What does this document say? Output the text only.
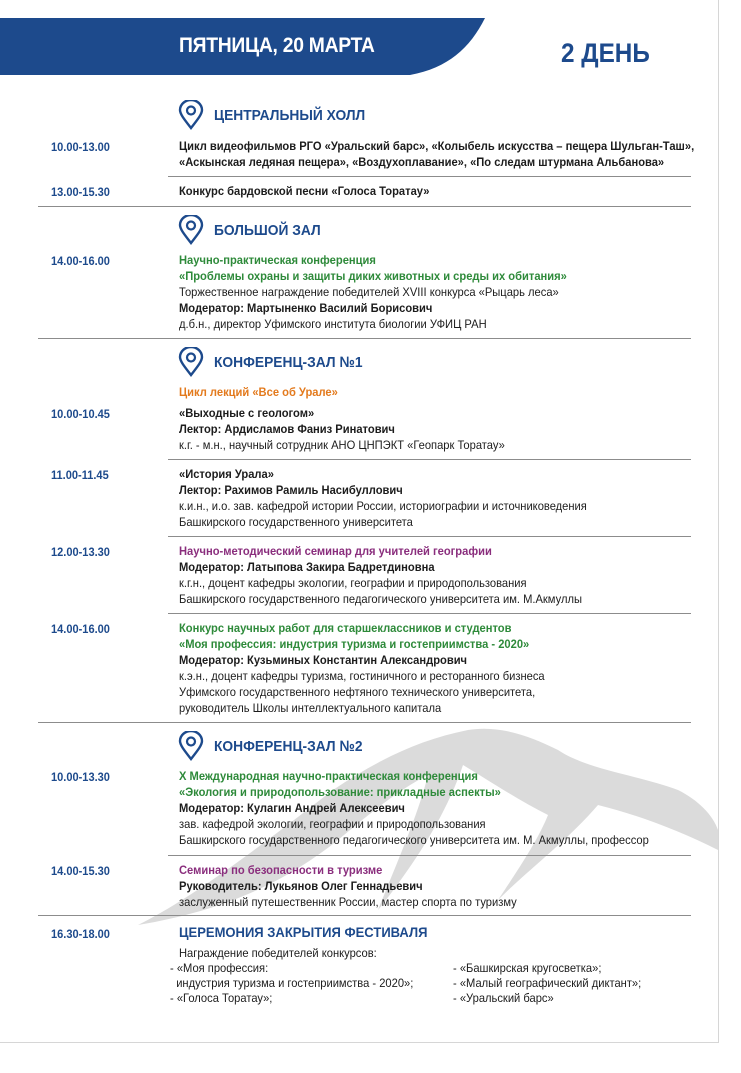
ПЯТНИЦА, 20 МАРТА	2 ДЕНЬ
ЦЕНТРАЛЬНЫЙ ХОЛЛ
10.00-13.00	Цикл видеофильмов РГО «Уральский барс», «Колыбель искусства – пещера Шульган-Таш»,
«Аскынская ледяная пещера», «Воздухоплавание», «По следам штурмана Альбанова»
13.00-15.30	Конкурс бардовской песни «Голоса Торатау»
БОЛЬШОЙ ЗАЛ
14.00-16.00	Научно-практическая конференция
«Проблемы охраны и защиты диких животных и среды их обитания»
Торжественное награждение победителей XVIII конкурса «Рыцарь леса»
Модератор: Мартыненко Василий Борисович
д.б.н., директор Уфимского института биологии УФИЦ РАН
КОНФЕРЕНЦ-ЗАЛ №1
Цикл лекций «Все об Урале»
10.00-10.45	«Выходные с геологом»
Лектор: Ардисламов Фаниз Ринатович
к.г. - м.н., научный сотрудник АНО ЦНПЭКТ «Геопарк Торатау»
11.00-11.45	«История Урала»
Лектор: Рахимов Рамиль Насибуллович
к.и.н., и.о. зав. кафедрой истории России, историографии и источниковедения
Башкирского государственного университета
12.00-13.30	Научно-методический семинар для учителей географии
Модератор: Латыпова Закира Бадретдиновна
к.г.н., доцент кафедры экологии, географии и природопользования
Башкирского государственного педагогического университета им. М.Акмуллы
14.00-16.00	Конкурс научных работ для старшеклассников и студентов
«Моя профессия: индустрия туризма и гостеприимства - 2020»
Модератор: Кузьминых Константин Александрович
к.э.н., доцент кафедры туризма, гостиничного и ресторанного бизнеса
Уфимского государственного нефтяного технического университета,
руководитель Школы интеллектуального капитала
КОНФЕРЕНЦ-ЗАЛ №2
10.00-13.30	X Международная научно-практическая конференция
«Экология и природопользование: прикладные аспекты»
Модератор: Кулагин Андрей Алексеевич
зав. кафедрой экологии, географии и природопользования
Башкирского государственного педагогического университета им. М. Акмуллы, профессор
14.00-15.30	Семинар по безопасности в туризме
Руководитель: Лукьянов Олег Геннадьевич
заслуженный путешественник России, мастер спорта по туризму
16.30-18.00	ЦЕРЕМОНИЯ ЗАКРЫТИЯ ФЕСТИВАЛЯ
Награждение победителей конкурсов:
- «Моя профессия:
индустрия туризма и гостеприимства - 2020»;
- «Голоса Торатау»;
- «Башкирская кругосветка»;
- «Малый географический диктант»;
- «Уральский барс»
